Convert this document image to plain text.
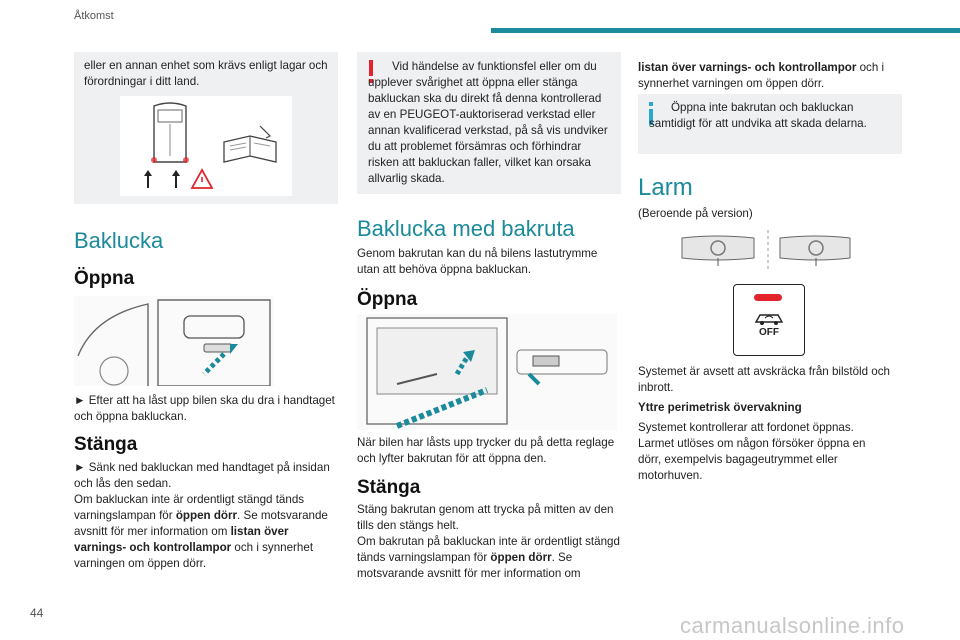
Åtkomst
eller en annan enhet som krävs enligt lagar och förordningar i ditt land.
Baklucka
Öppna
► Efter att ha låst upp bilen ska du dra i handtaget och öppna bakluckan.
Stänga
► Sänk ned bakluckan med handtaget på insidan och lås den sedan.
Om bakluckan inte är ordentligt stängd tänds varningslampan för öppen dörr. Se motsvarande avsnitt för mer information om listan över varnings- och kontrollampor och i synnerhet varningen om öppen dörr.
Vid händelse av funktionsfel eller om du upplever svårighet att öppna eller stänga bakluckan ska du direkt få denna kontrollerad av en PEUGEOT-auktoriserad verkstad eller annan kvalificerad verkstad, på så vis undviker du att problemet försämras och förhindrar risken att bakluckan faller, vilket kan orsaka allvarlig skada.
Baklucka med bakruta
Genom bakrutan kan du nå bilens lastutrymme utan att behöva öppna bakluckan.
Öppna
När bilen har låsts upp trycker du på detta reglage och lyfter bakrutan för att öppna den.
Stänga
Stäng bakrutan genom att trycka på mitten av den tills den stängs helt.
Om bakrutan på bakluckan inte är ordentligt stängd tänds varningslampan för öppen dörr. Se motsvarande avsnitt för mer information om
listan över varnings- och kontrollampor och i synnerhet varningen om öppen dörr.
Öppna inte bakrutan och bakluckan samtidigt för att undvika att skada delarna.
Larm
(Beroende på version)
OFF
Systemet är avsett att avskräcka från bilstöld och inbrott.
Yttre perimetrisk övervakning
Systemet kontrollerar att fordonet öppnas. Larmet utlöses om någon försöker öppna en dörr, exempelvis bagageutrymmet eller motorhuven.
44	carmanualsonline.info
